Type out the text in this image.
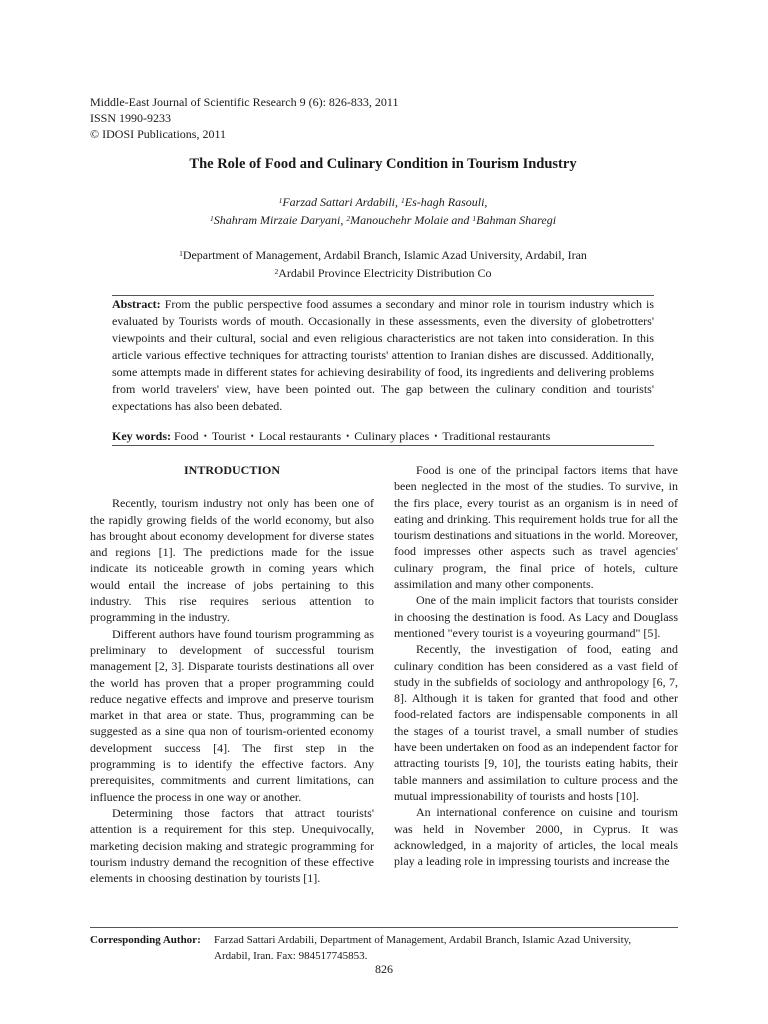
Middle-East Journal of Scientific Research 9 (6): 826-833, 2011
ISSN 1990-9233
© IDOSI Publications, 2011
The Role of Food and Culinary Condition in Tourism Industry
$^1$Farzad Sattari Ardabili, $^1$Es-hagh Rasouli,
$^1$Shahram Mirzaie Daryani, $^2$Manouchehr Molaie and $^1$Bahman Sharegi
$^1$Department of Management, Ardabil Branch, Islamic Azad University, Ardabil, Iran
$^2$Ardabil Province Electricity Distribution Co
Abstract: From the public perspective food assumes a secondary and minor role in tourism industry which is evaluated by Tourists words of mouth. Occasionally in these assessments, even the diversity of globetrotters' viewpoints and their cultural, social and even religious characteristics are not taken into consideration. In this article various effective techniques for attracting tourists' attention to Iranian dishes are discussed. Additionally, some attempts made in different states for achieving desirability of food, its ingredients and delivering problems from world travelers' view, have been pointed out. The gap between the culinary condition and tourists' expectations has also been debated.
Key words: Food • Tourist • Local restaurants • Culinary places • Traditional restaurants
INTRODUCTION

Recently, tourism industry not only has been one of the rapidly growing fields of the world economy, but also has brought about economy development for diverse states and regions [1]. The predictions made for the issue indicate its noticeable growth in coming years which would entail the increase of jobs pertaining to this industry. This rise requires serious attention to programming in the industry.

Different authors have found tourism programming as preliminary to development of successful tourism management [2, 3]. Disparate tourists destinations all over the world has proven that a proper programming could reduce negative effects and improve and preserve tourism market in that area or state. Thus, programming can be suggested as a sine qua non of tourism-oriented economy development success [4]. The first step in the programming is to identify the effective factors. Any prerequisites, commitments and current limitations, can influence the process in one way or another.

Determining those factors that attract tourists' attention is a requirement for this step. Unequivocally, marketing decision making and strategic programming for tourism industry demand the recognition of these effective elements in choosing destination by tourists [1].

Food is one of the principal factors items that have been neglected in the most of the studies. To survive, in the firs place, every tourist as an organism is in need of eating and drinking. This requirement holds true for all the tourism destinations and situations in the world. Moreover, food impresses other aspects such as travel agencies' culinary program, the final price of hotels, culture assimilation and many other components.

One of the main implicit factors that tourists consider in choosing the destination is food. As Lacy and Douglass mentioned "every tourist is a voyeuring gourmand" [5].

Recently, the investigation of food, eating and culinary condition has been considered as a vast field of study in the subfields of sociology and anthropology [6, 7, 8]. Although it is taken for granted that food and other food-related factors are indispensable components in all the stages of a tourist travel, a small number of studies have been undertaken on food as an independent factor for attracting tourists [9, 10], the tourists eating habits, their table manners and assimilation to culture process and the mutual impressionability of tourists and hosts [10].

An international conference on cuisine and tourism was held in November 2000, in Cyprus. It was acknowledged, in a majority of articles, the local meals play a leading role in impressing tourists and increase the

Corresponding Author: Farzad Sattari Ardabili, Department of Management, Ardabil Branch, Islamic Azad University,
Ardabil, Iran. Fax: 984517745853.
826
